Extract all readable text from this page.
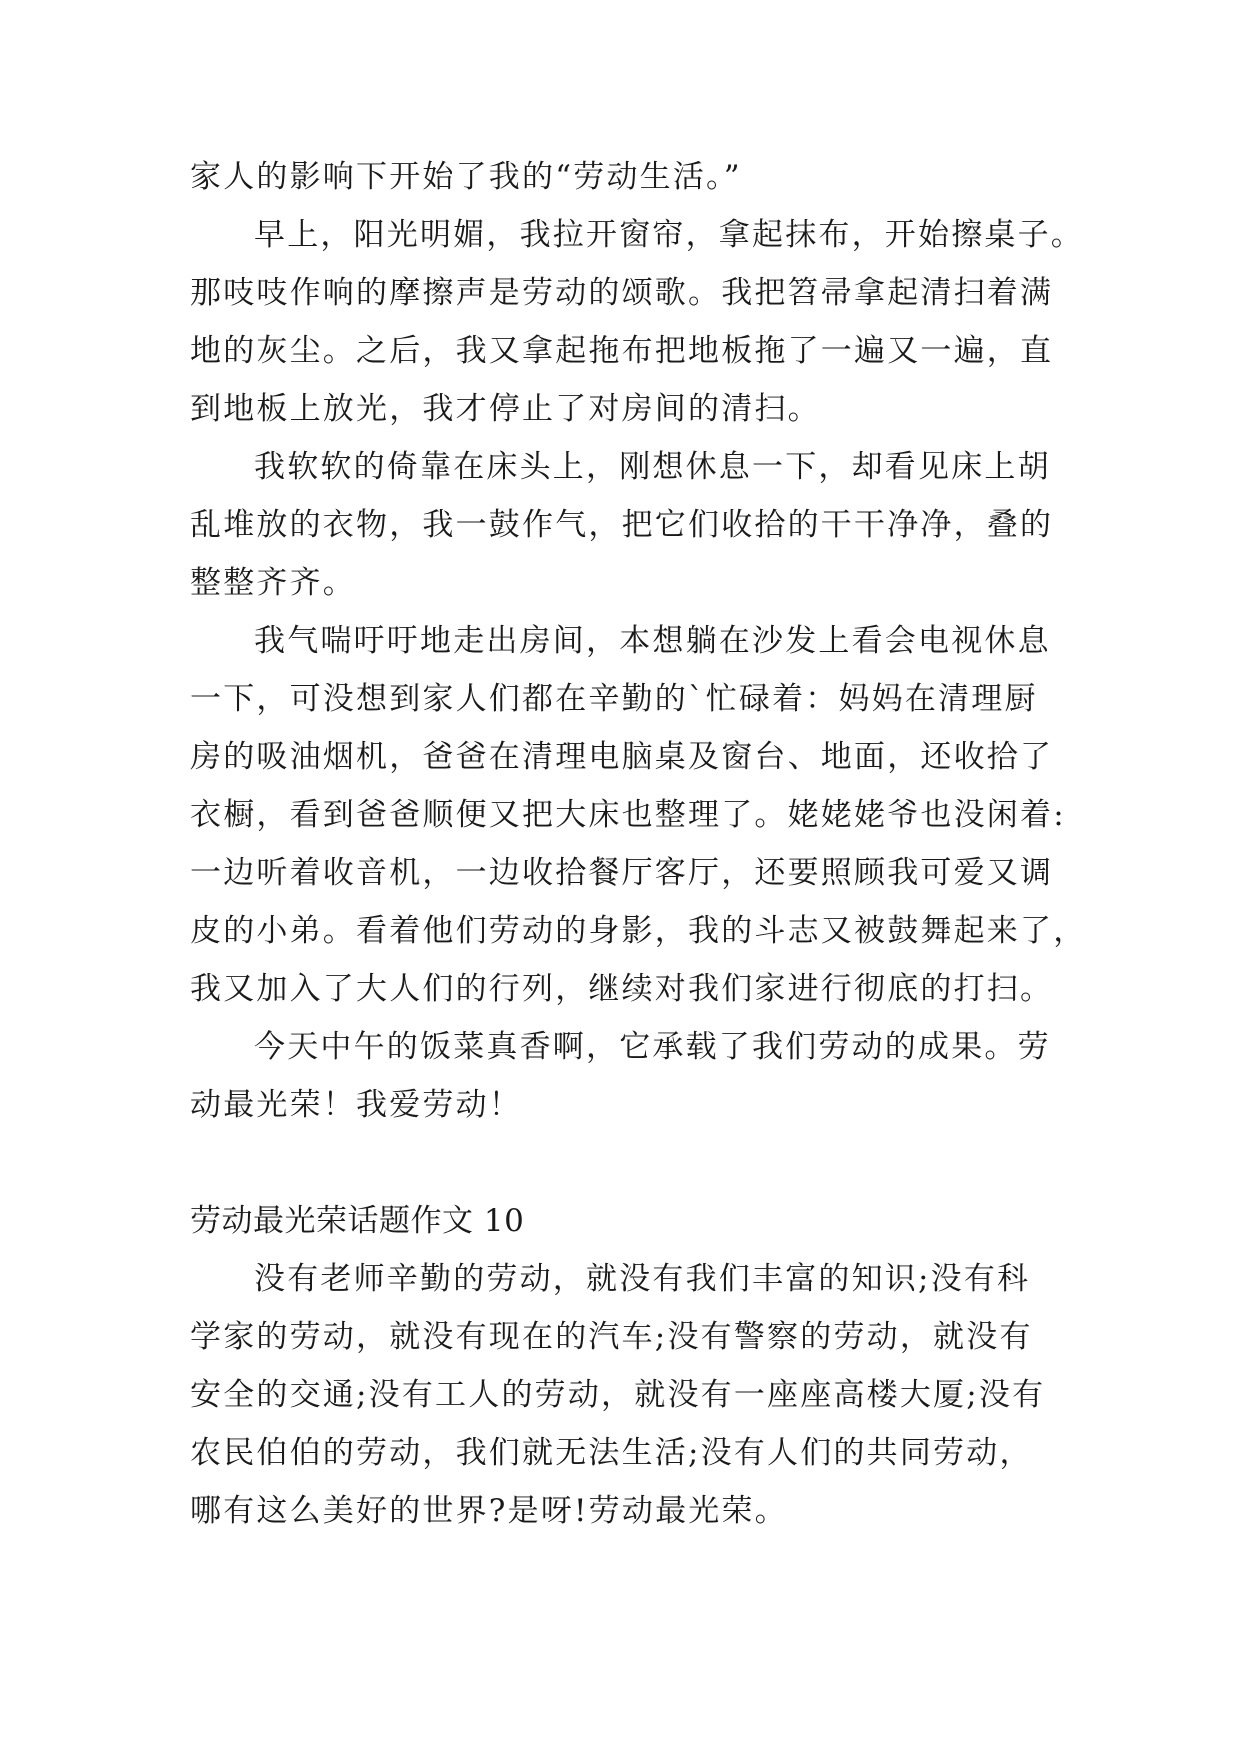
家人的影响下开始了我的“劳动生活。”
早上，阳光明媚，我拉开窗帘，拿起抹布，开始擦桌子。
那吱吱作响的摩擦声是劳动的颂歌。我把笤帚拿起清扫着满
地的灰尘。之后，我又拿起拖布把地板拖了一遍又一遍，直
到地板上放光，我才停止了对房间的清扫。
我软软的倚靠在床头上，刚想休息一下，却看见床上胡
乱堆放的衣物，我一鼓作气，把它们收拾的干干净净，叠的
整整齐齐。
我气喘吁吁地走出房间，本想躺在沙发上看会电视休息
一下，可没想到家人们都在辛勤的`忙碌着：妈妈在清理厨
房的吸油烟机，爸爸在清理电脑桌及窗台、地面，还收拾了
衣橱，看到爸爸顺便又把大床也整理了。姥姥姥爷也没闲着:
一边听着收音机，一边收拾餐厅客厅，还要照顾我可爱又调
皮的小弟。看着他们劳动的身影，我的斗志又被鼓舞起来了，
我又加入了大人们的行列，继续对我们家进行彻底的打扫。
今天中午的饭菜真香啊，它承载了我们劳动的成果。劳
动最光荣！我爱劳动！
劳动最光荣话题作文 10
没有老师辛勤的劳动，就没有我们丰富的知识;没有科
学家的劳动，就没有现在的汽车;没有警察的劳动，就没有
安全的交通;没有工人的劳动，就没有一座座高楼大厦;没有
农民伯伯的劳动，我们就无法生活;没有人们的共同劳动，
哪有这么美好的世界?是呀!劳动最光荣。
